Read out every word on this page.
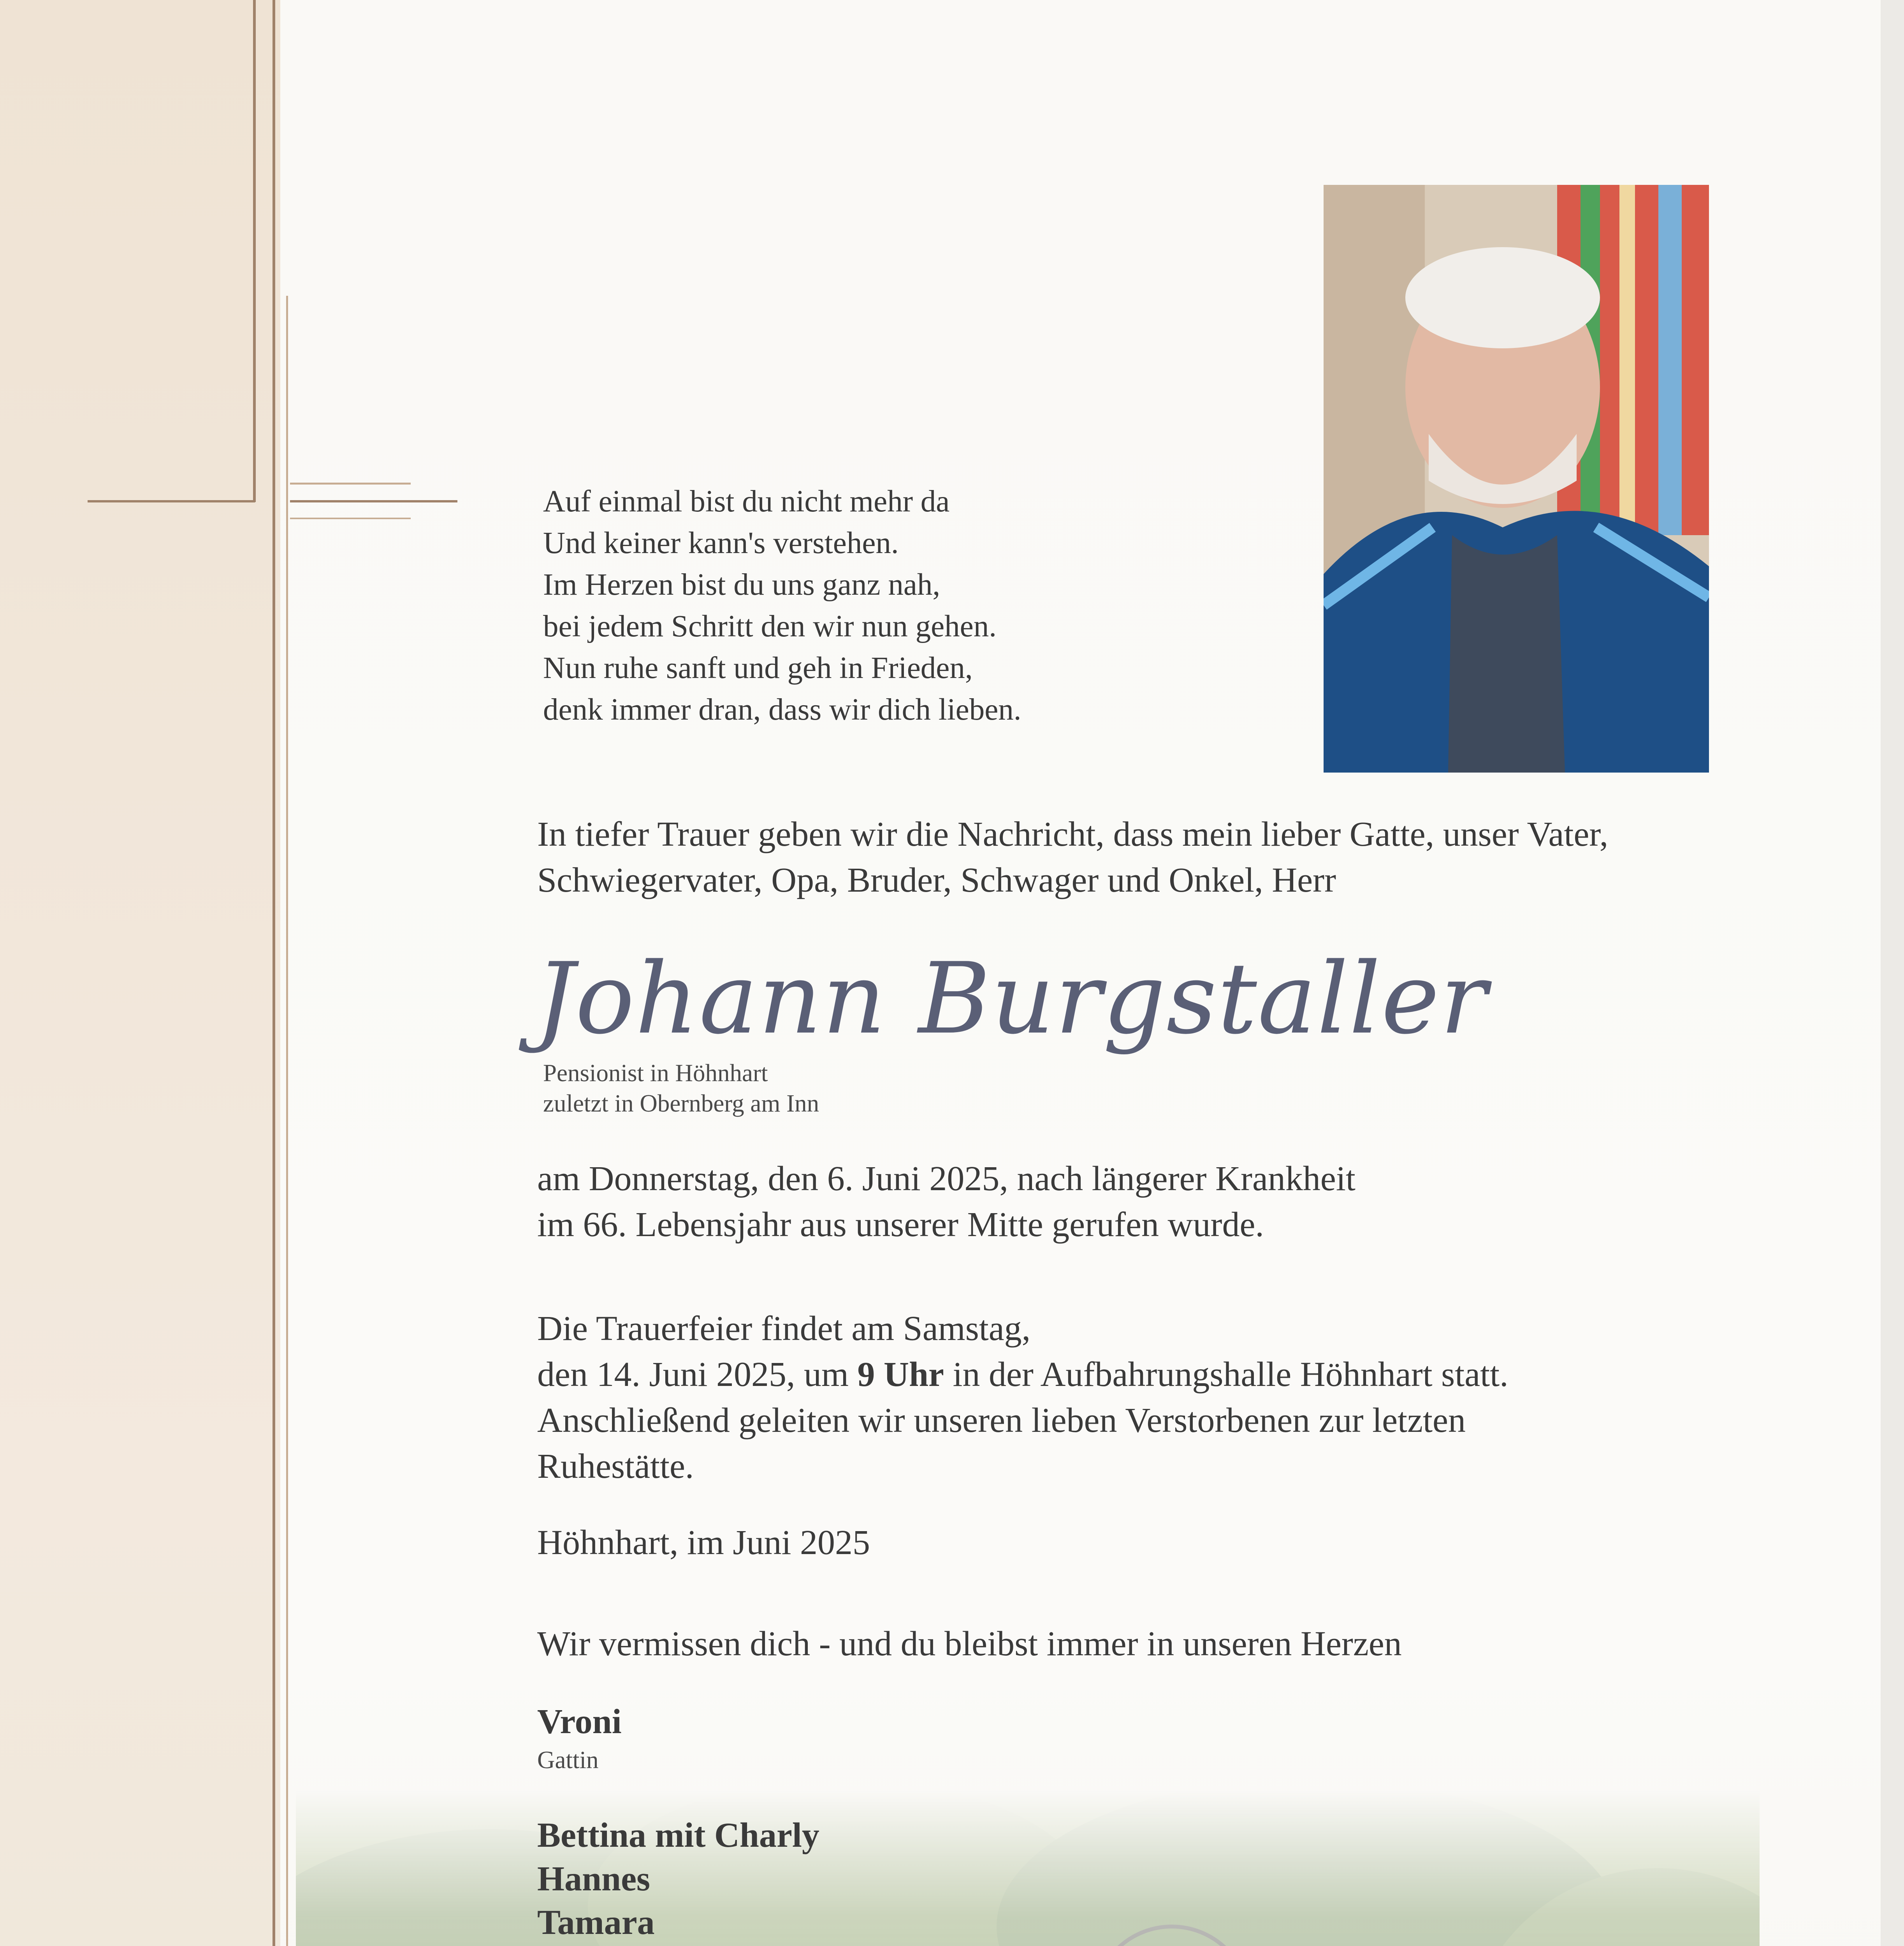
Auf einmal bist du nicht mehr da
Und keiner kann's verstehen.
Im Herzen bist du uns ganz nah,
bei jedem Schritt den wir nun gehen.
Nun ruhe sanft und geh in Frieden,
denk immer dran, dass wir dich lieben.
In tiefer Trauer geben wir die Nachricht, dass mein lieber Gatte, unser Vater,
Schwiegervater, Opa, Bruder, Schwager und Onkel, Herr
Johann Burgstaller
Pensionist in Höhnhart
zuletzt in Obernberg am Inn
am Donnerstag, den 6. Juni 2025, nach längerer Krankheit
im 66. Lebensjahr aus unserer Mitte gerufen wurde.
Die Trauerfeier findet am Samstag,
den 14. Juni 2025, um 9 Uhr in der Aufbahrungshalle Höhnhart statt.
Anschließend geleiten wir unseren lieben Verstorbenen zur letzten
Ruhestätte.
Höhnhart, im Juni 2025
Wir vermissen dich - und du bleibst immer in unseren Herzen
Vroni
Gattin
Bettina mit Charly
Hannes
Tamara
